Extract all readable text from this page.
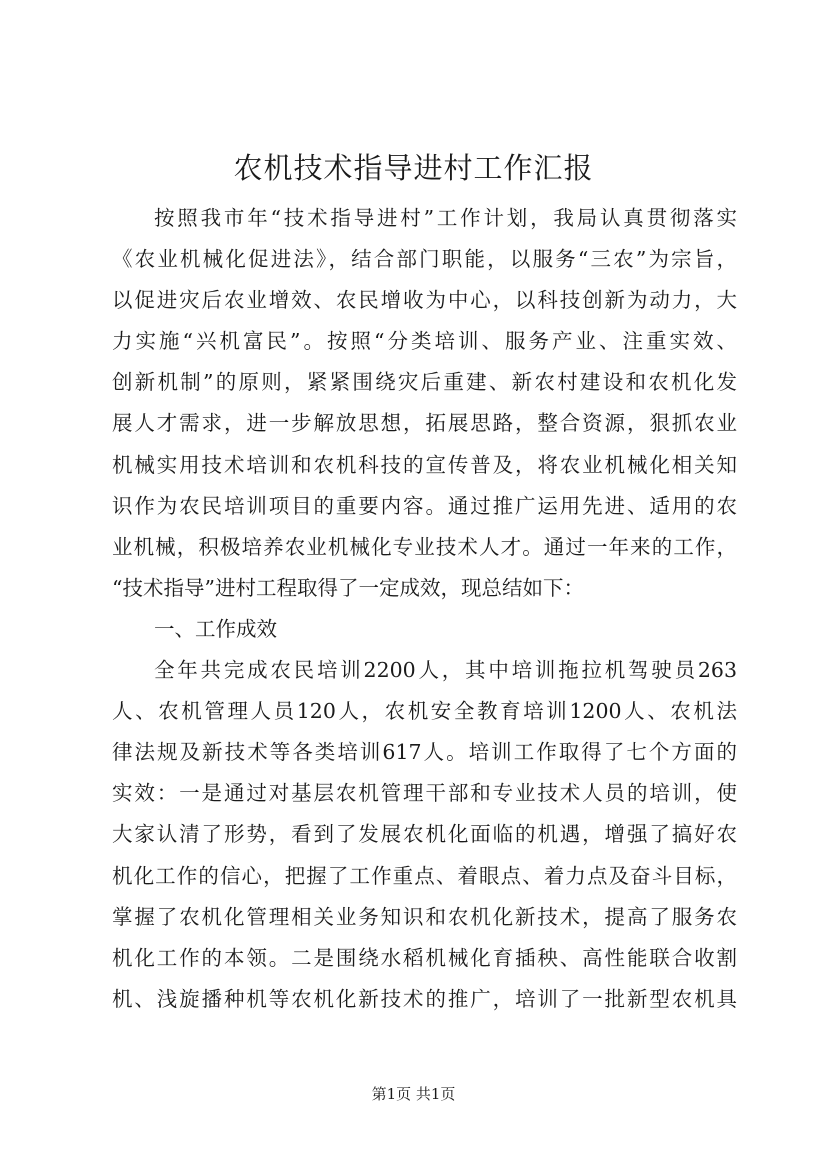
农机技术指导进村工作汇报
按照我市年“技术指导进村”工作计划，我局认真贯彻落实
《农业机械化促进法》，结合部门职能，以服务“三农”为宗旨，
以促进灾后农业增效、农民增收为中心，以科技创新为动力，大
力实施“兴机富民”。按照“分类培训、服务产业、注重实效、
创新机制”的原则，紧紧围绕灾后重建、新农村建设和农机化发
展人才需求，进一步解放思想，拓展思路，整合资源，狠抓农业
机械实用技术培训和农机科技的宣传普及，将农业机械化相关知
识作为农民培训项目的重要内容。通过推广运用先进、适用的农
业机械，积极培养农业机械化专业技术人才。通过一年来的工作，
“技术指导”进村工程取得了一定成效，现总结如下：
一、工作成效
全年共完成农民培训2200人，其中培训拖拉机驾驶员263
人、农机管理人员120人，农机安全教育培训1200人、农机法
律法规及新技术等各类培训617人。培训工作取得了七个方面的
实效：一是通过对基层农机管理干部和专业技术人员的培训，使
大家认清了形势，看到了发展农机化面临的机遇，增强了搞好农
机化工作的信心，把握了工作重点、着眼点、着力点及奋斗目标，
掌握了农机化管理相关业务知识和农机化新技术，提高了服务农
机化工作的本领。二是围绕水稻机械化育插秧、高性能联合收割
机、浅旋播种机等农机化新技术的推广，培训了一批新型农机具
第1页 共1页
